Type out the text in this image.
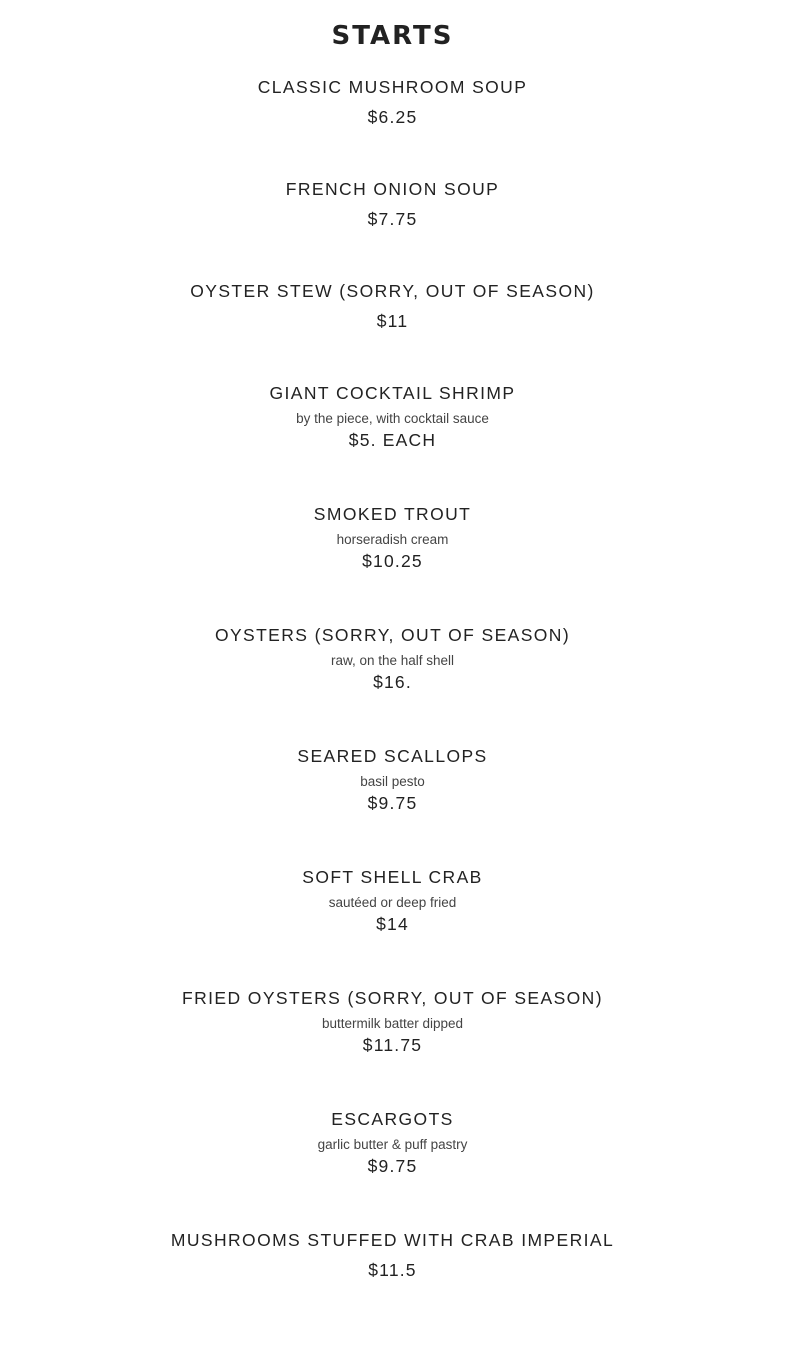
STARTS
CLASSIC MUSHROOM SOUP
$6.25
FRENCH ONION SOUP
$7.75
OYSTER STEW (SORRY, OUT OF SEASON)
$11
GIANT COCKTAIL SHRIMP
by the piece, with cocktail sauce
$5. EACH
SMOKED TROUT
horseradish cream
$10.25
OYSTERS (SORRY, OUT OF SEASON)
raw, on the half shell
$16.
SEARED SCALLOPS
basil pesto
$9.75
SOFT SHELL CRAB
sautéed or deep fried
$14
FRIED OYSTERS (SORRY, OUT OF SEASON)
buttermilk batter dipped
$11.75
ESCARGOTS
garlic butter & puff pastry
$9.75
MUSHROOMS STUFFED WITH CRAB IMPERIAL
$11.5
